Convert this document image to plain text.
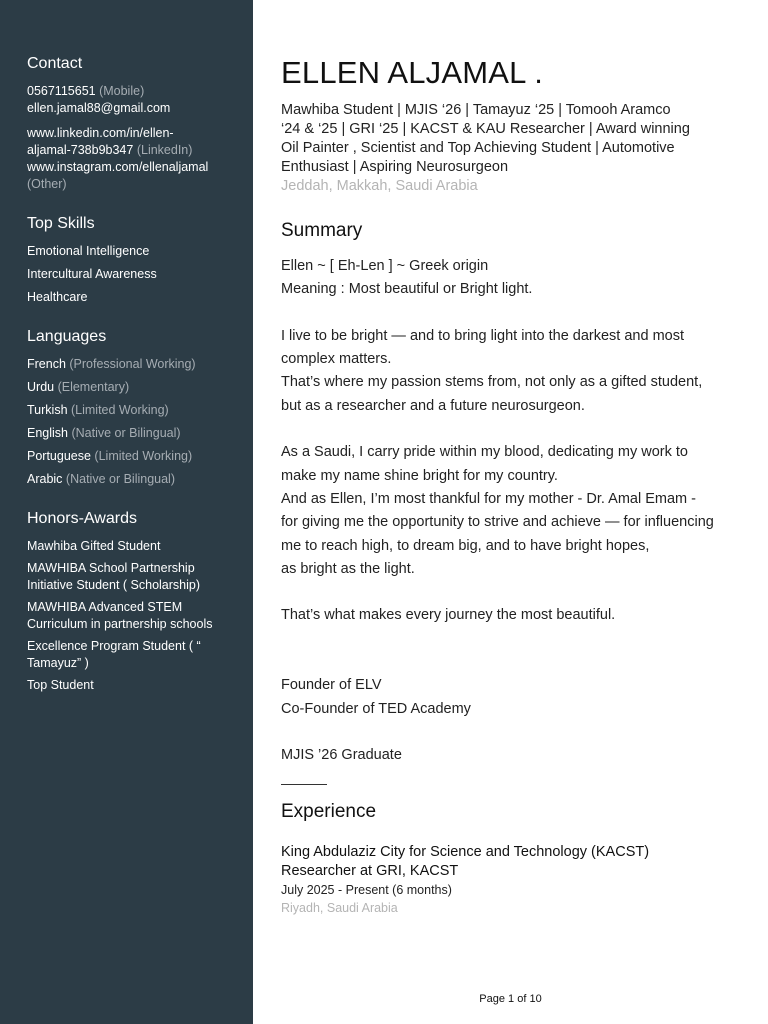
Contact
0567115651 (Mobile)
ellen.jamal88@gmail.com
www.linkedin.com/in/ellen-
aljamal-738b9b347 (LinkedIn)
www.instagram.com/ellenaljamal
(Other)
Top Skills
Emotional Intelligence
Intercultural Awareness
Healthcare
Languages
French (Professional Working)
Urdu (Elementary)
Turkish (Limited Working)
English (Native or Bilingual)
Portuguese (Limited Working)
Arabic (Native or Bilingual)
Honors-Awards
Mawhiba Gifted Student
MAWHIBA School Partnership
Initiative Student ( Scholarship)
MAWHIBA Advanced STEM
Curriculum in partnership schools
Excellence Program Student ( “
Tamayuz” )
Top Student
ELLEN ALJAMAL .
Mawhiba Student | MJIS ‘26 | Tamayuz ‘25 | Tomooh Aramco
‘24 & ‘25 | GRI ‘25 | KACST & KAU Researcher | Award winning
Oil Painter , Scientist and Top Achieving Student | Automotive
Enthusiast | Aspiring Neurosurgeon
Jeddah, Makkah, Saudi Arabia
Summary

Ellen ~ [ Eh-Len ] ~ Greek origin

Meaning : Most beautiful or Bright light.

I live to be bright — and to bring light into the darkest and most

complex matters.

That’s where my passion stems from, not only as a gifted student,

but as a researcher and a future neurosurgeon.

As a Saudi, I carry pride within my blood, dedicating my work to

make my name shine bright for my country.

And as Ellen, I’m most thankful for my mother - Dr. Amal Emam -

for giving me the opportunity to strive and achieve — for influencing

me to reach high, to dream big, and to have bright hopes,

as bright as the light.

That’s what makes every journey the most beautiful.

Founder of ELV

Co-Founder of TED Academy

MJIS ’26 Graduate

Experience
King Abdulaziz City for Science and Technology (KACST)
Researcher at GRI, KACST
July 2025 - Present (6 months)
Riyadh, Saudi Arabia
Page 1 of 10
